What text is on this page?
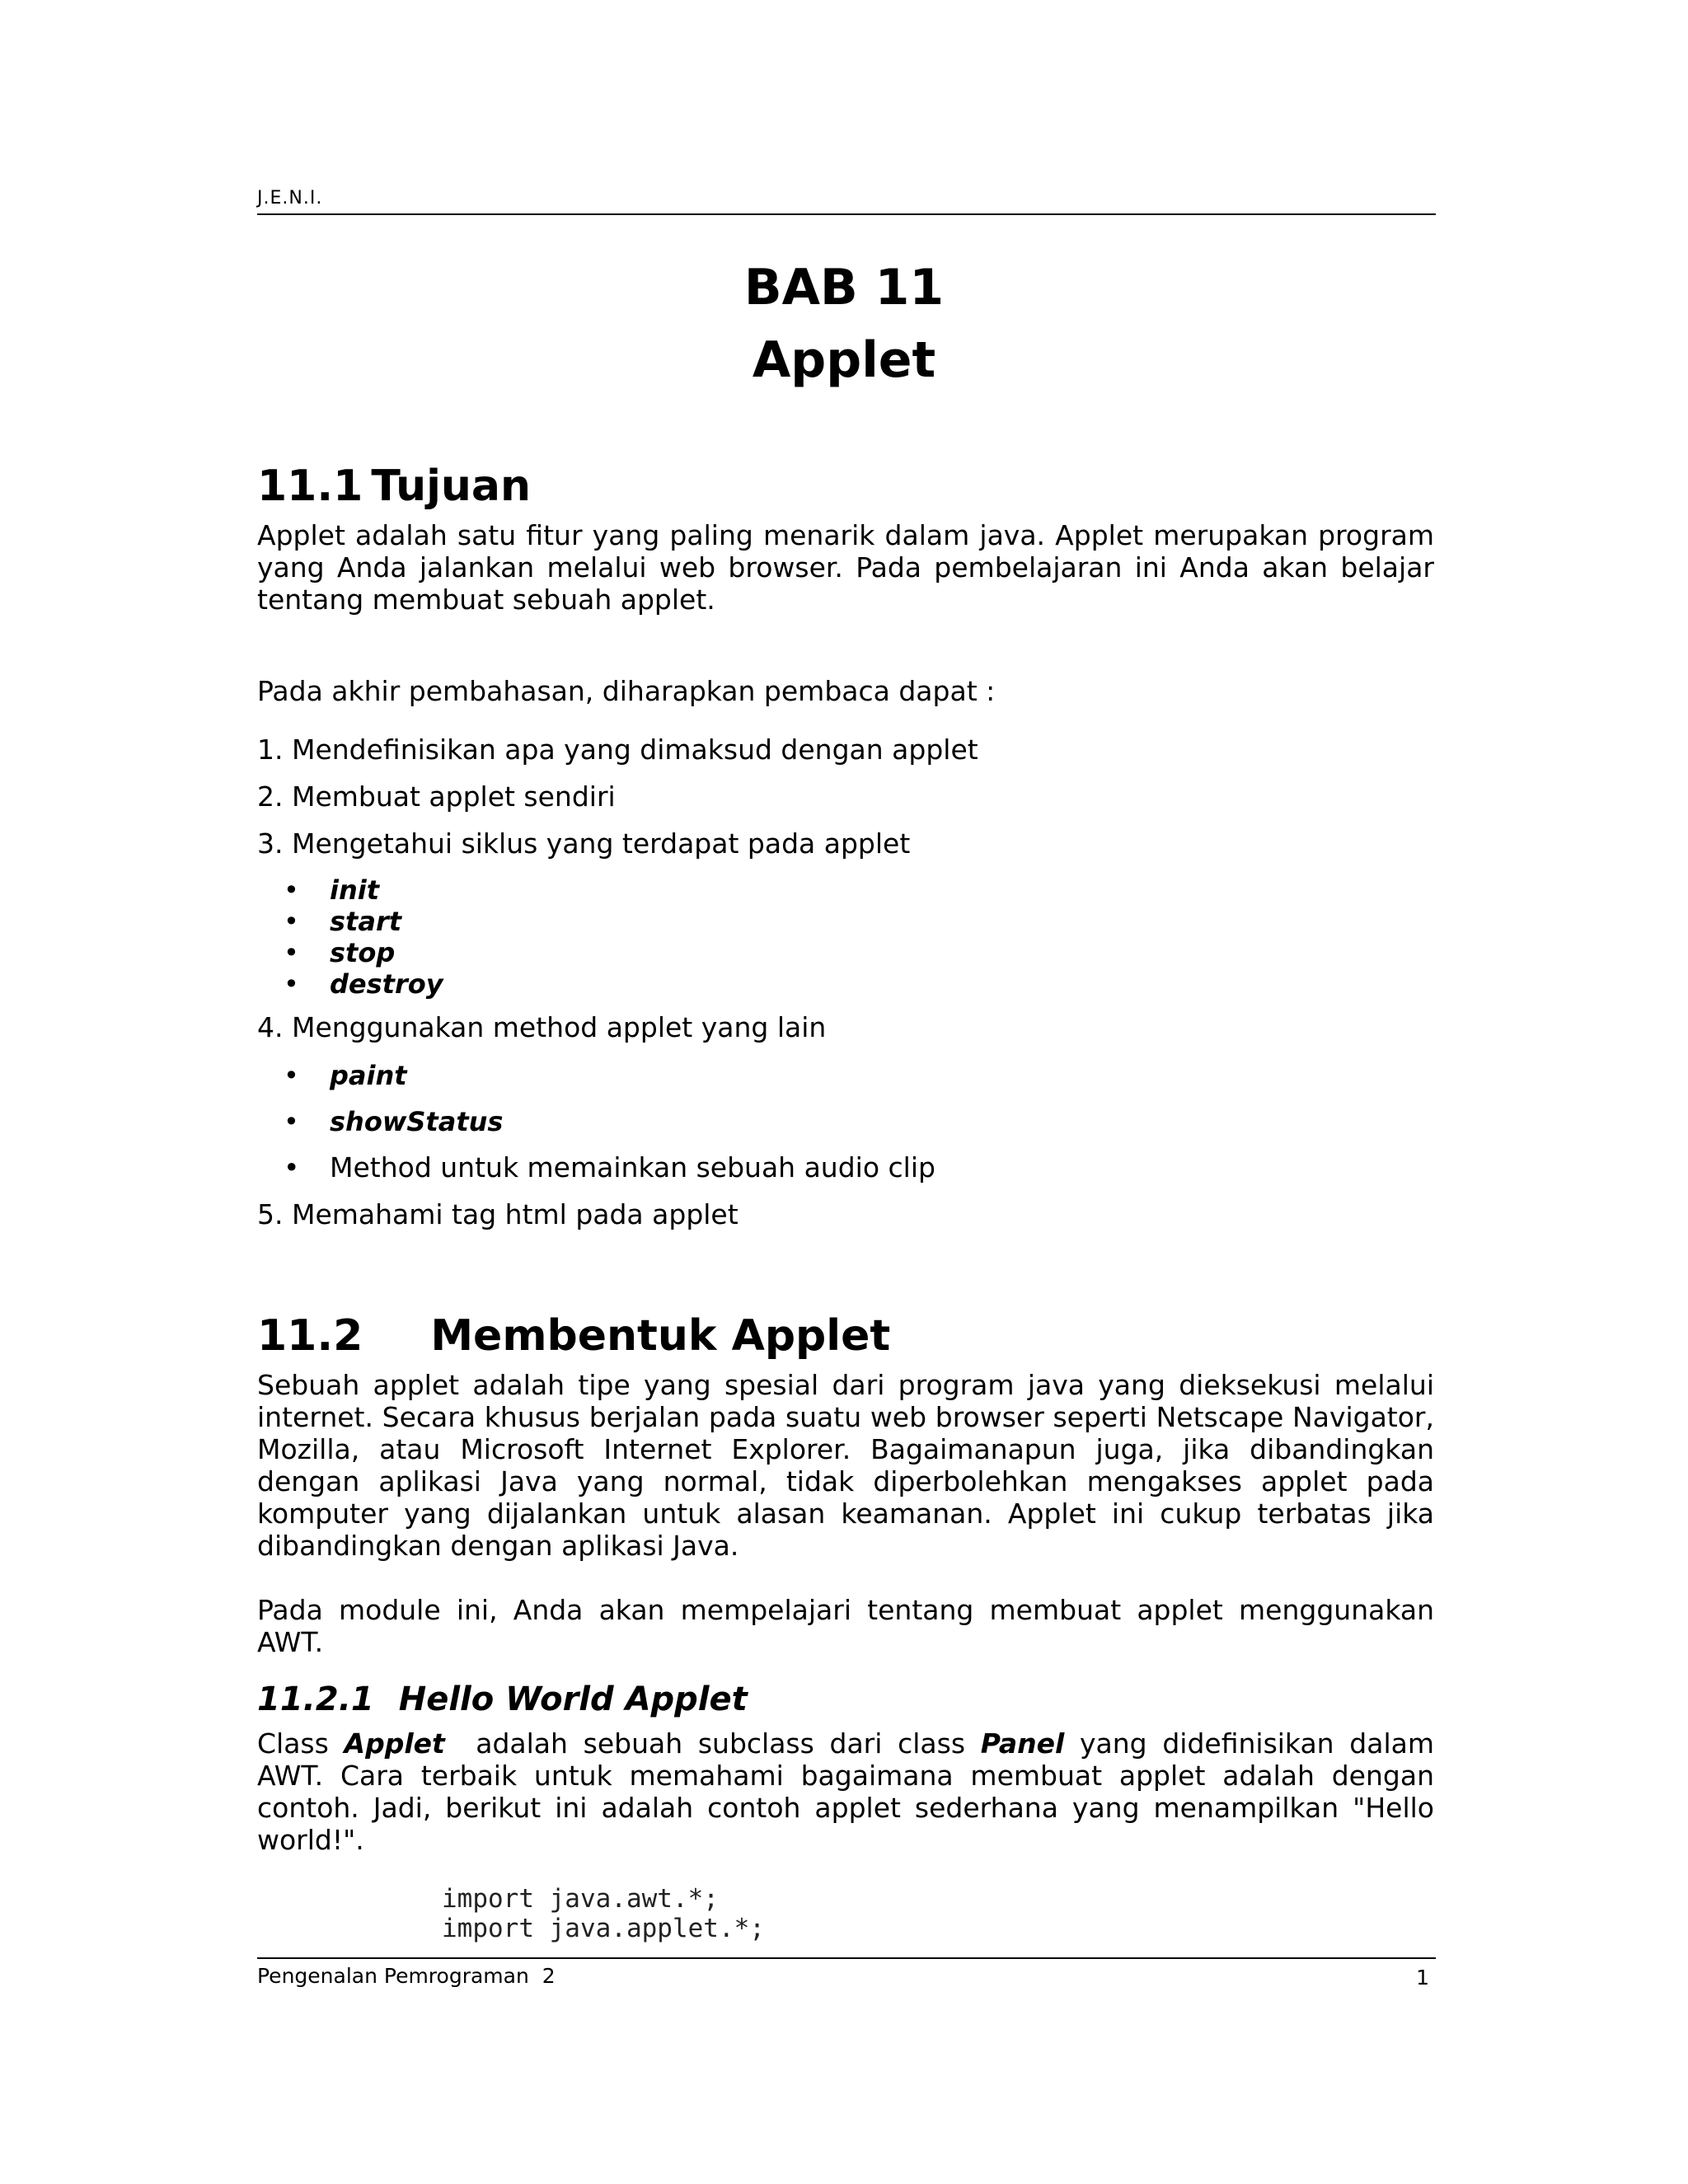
J.E.N.I.
BAB 11
Applet
11.1 Tujuan

Applet adalah satu fitur yang paling menarik dalam java. Applet merupakan program yang Anda jalankan melalui web browser. Pada pembelajaran ini Anda akan belajar tentang membuat sebuah applet.

Pada akhir pembahasan, diharapkan pembaca dapat :

1. Mendefinisikan apa yang dimaksud dengan applet
2. Membuat applet sendiri
3. Mengetahui siklus yang terdapat pada applet
• init
• start
• stop
• destroy
4. Menggunakan method applet yang lain
• paint
• showStatus
• Method untuk memainkan sebuah audio clip
5. Memahami tag html pada applet
11.2 Membentuk Applet

Sebuah applet adalah tipe yang spesial dari program java yang dieksekusi melalui internet. Secara khusus berjalan pada suatu web browser seperti Netscape Navigator, Mozilla, atau Microsoft Internet Explorer. Bagaimanapun juga, jika dibandingkan dengan aplikasi Java yang normal, tidak diperbolehkan mengakses applet pada komputer yang dijalankan untuk alasan keamanan. Applet ini cukup terbatas jika dibandingkan dengan aplikasi Java.

Pada module ini, Anda akan mempelajari tentang membuat applet menggunakan AWT.

11.2.1 Hello World Applet

Class Applet adalah sebuah subclass dari class Panel yang didefinisikan dalam AWT. Cara terbaik untuk memahami bagaimana membuat applet adalah dengan contoh. Jadi, berikut ini adalah contoh applet sederhana yang menampilkan "Hello world!".

import java.awt.*;
import java.applet.*;
Pengenalan Pemrograman  2	1
